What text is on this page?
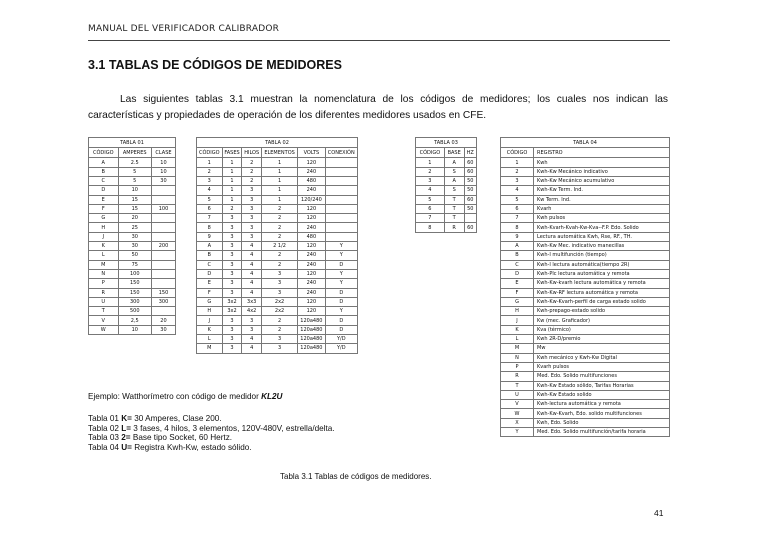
MANUAL DEL VERIFICADOR CALIBRADOR
3.1 TABLAS DE CÓDIGOS DE MEDIDORES
Las siguientes tablas 3.1 muestran la nomenclatura de los códigos de medidores; los cuales nos indican las características y propiedades de operación de los diferentes medidores usados en CFE.
TABLA 01		
CÓDIGO	AMPERES	CLASE
A	2.5	10
B	5	10
C	5	30
D	10	
E	15	
F	15	100
G	20	
H	25	
J	30	
K	30	200
L	50	
M	75	
N	100	
P	150	
R	150	150
U	300	300
T	500	
V	2,5	20
W	10	30
TABLA 02					
CÓDIGO	FASES	HILOS	ELEMENTOS	VOLTS	CONEXIÓN
1	1	2	1	120	
2	1	2	1	240	
3	1	2	1	480	
4	1	3	1	240	
5	1	3	1	120/240	
6	2	3	2	120	
7	3	3	2	120	
8	3	3	2	240	
9	3	3	2	480	
A	3	4	2 1/2	120	Y
B	3	4	2	240	Y
C	3	4	2	240	D
D	3	4	3	120	Y
E	3	4	3	240	Y
F	3	4	3	240	D
G	3x2	3x3	2x2	120	D
H	3x2	4x2	2x2	120	Y
J	3	3	2	120a480	D
K	3	3	2	120a480	D
L	3	4	3	120a480	Y/D
M	3	4	3	120a480	Y/D
TABLA 03		
CÓDIGO	BASE	HZ
1	A	60
2	S	60
3	A	50
4	S	50
5	T	60
6	T	50
7	T	
8	R	60
TABLA 04	
CÓDIGO	REGISTRO
1	Kwh
2	Kwh-Kw Mecánico indicativo
3	Kwh-Kw Mecánico acumulativo
4	Kwh-Kw Term. Ind.
5	Kw Term. Ind.
6	Kvarh
7	Kwh pulsos
8	Kwh-Kvarh-Kvah-Kw-Kva--F.P. Edo. Solido
9	Lectura automática Kwh, Rse, RF., TH.
A	Kwh-Kw Mec. indicativo manecillas
B	Kwh-I multifunción (tiempo)
C	Kwh-I lectura automática(tiempo 2R)
D	Kwh-Plc lectura automática y remota
E	Kwh-Kw-kvarh lectura automática y remota
F	Kwh-Kw-RF lectura automática y remota
G	Kwh-Kw-Kvarh-perfil de carga estado solido
H	Kwh-prepago-estado solido
J	Kw (mec. Graficador)
K	Kva (térmico)
L	Kwh 2R-D/premio
M	Mw
N	Kwh mecánico y Kwh-Kw Digital
P	Kvarh pulsos
R	Med. Edo. Solido multifunciones
T	Kwh-Kw Estado sólido, Tarifas Horarias
U	Kwh-Kw Estado solido
V	Kwh-lectura automática y remota
W	Kwh-Kw-Kvarh, Edo. solido multifunciones
X	Kwh, Edo. Solido
Y	Med. Edo. Solido multifunción/tarifa horaria
Ejemplo: Watthorímetro con código de medidor KL2U
Tabla 01 K= 30 Amperes, Clase 200.
Tabla 02 L= 3 fases, 4 hilos, 3 elementos, 120V-480V, estrella/delta.
Tabla 03 2= Base tipo Socket, 60 Hertz.
Tabla 04 U= Registra Kwh-Kw, estado sólido.
Tabla 3.1 Tablas de códigos de medidores.
41
